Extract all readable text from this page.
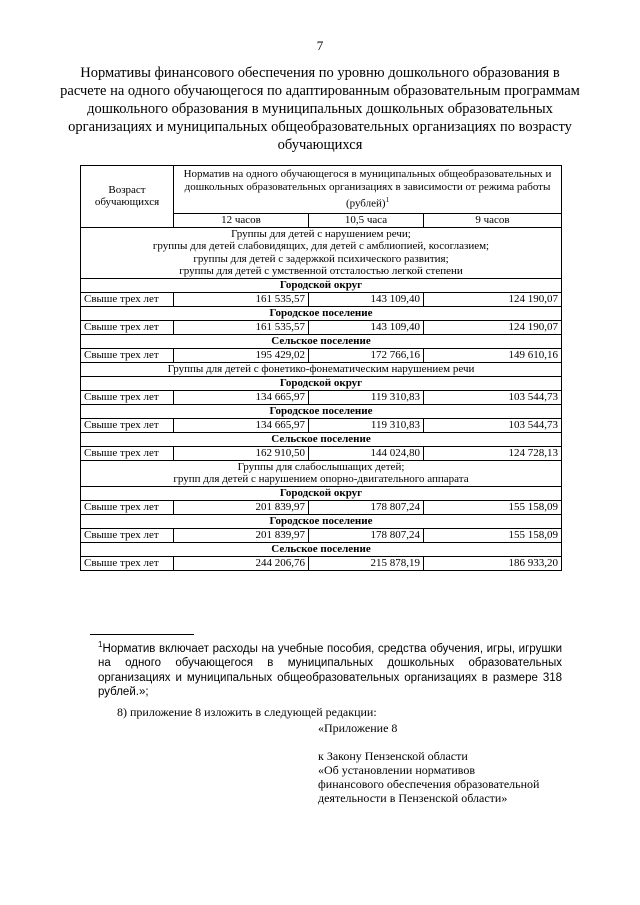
7
Нормативы финансового обеспечения по уровню дошкольного образования в расчете на одного обучающегося по адаптированным образовательным программам дошкольного образования в муниципальных дошкольных образовательных организациях и муниципальных общеобразовательных организациях по возрасту обучающихся
Возраст обучающихся	Норматив на одного обучающегося в муниципальных общеобразовательных и дошкольных образовательных организациях в зависимости от режима работы (рублей)$^1$
	12 часов	10,5 часа	9 часов

Группы для детей с нарушением речи;
группы для детей слабовидящих, для детей с амблиопией, косоглазием;
группы для детей с задержкой психического развития;
группы для детей с умственной отсталостью легкой степени			

Городской округ			
Свыше трех лет	161 535,57	143 109,40	124 190,07
Городское поселение			
Свыше трех лет	161 535,57	143 109,40	124 190,07
Сельское поселение			
Свыше трех лет	195 429,02	172 766,16	149 610,16

Группы для детей с фонетико-фонематическим нарушением речи			

Городской округ			
Свыше трех лет	134 665,97	119 310,83	103 544,73
Городское поселение			
Свыше трех лет	134 665,97	119 310,83	103 544,73
Сельское поселение			
Свыше трех лет	162 910,50	144 024,80	124 728,13

Группы для слабослышащих детей;
групп для детей с нарушением опорно-двигательного аппарата			

Городской округ			
Свыше трех лет	201 839,97	178 807,24	155 158,09
Городское поселение			
Свыше трех лет	201 839,97	178 807,24	155 158,09
Сельское поселение			
Свыше трех лет	244 206,76	215 878,19	186 933,20
$^1$Норматив включает расходы на учебные пособия, средства обучения, игры, игрушки на одного обучающегося в муниципальных дошкольных образовательных организациях и муниципальных общеобразовательных организациях в размере 318 рублей.»;
8) приложение 8 изложить в следующей редакции:
«Приложение 8
к Закону Пензенской области
«Об установлении нормативов
финансового обеспечения образовательной
деятельности в Пензенской области»
